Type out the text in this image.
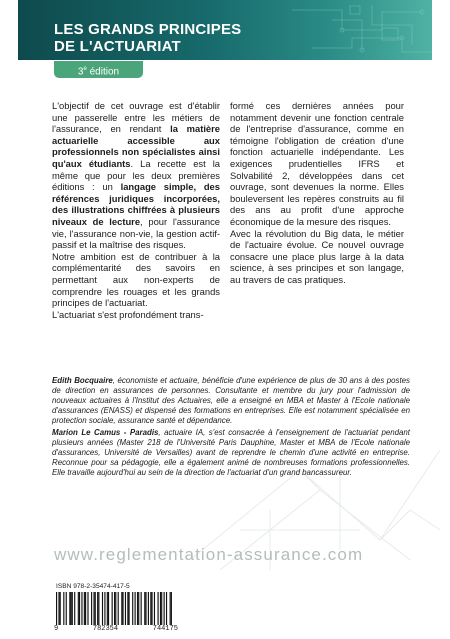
LES GRANDS PRINCIPES
DE L'ACTUARIAT
3e édition

L'objectif de cet ouvrage est d'établir une passerelle entre les métiers de l'assurance, en rendant la matière actuarielle accessible aux professionnels non spécialistes ainsi qu'aux étudiants. La recette est la même que pour les deux premières éditions : un langage simple, des références juridiques incorporées, des illustrations chiffrées à plusieurs niveaux de lecture, pour l'assurance vie, l'assurance non-vie, la gestion actif-passif et la maîtrise des risques.

Notre ambition est de contribuer à la complémentarité des savoirs en permettant aux non-experts de comprendre les rouages et les grands principes de l'actuariat.

L'actuariat s'est profondément trans-

formé ces dernières années pour notamment devenir une fonction centrale de l'entreprise d'assurance, comme en témoigne l'obligation de création d'une fonction actuarielle indépendante. Les exigences prudentielles IFRS et Solvabilité 2, développées dans cet ouvrage, sont devenues la norme. Elles bouleversent les repères construits au fil des ans au profit d'une approche économique de la mesure des risques.

Avec la révolution du Big data, le métier de l'actuaire évolue. Ce nouvel ouvrage consacre une place plus large à la data science, à ses principes et son langage, au travers de cas pratiques.

Edith Bocquaire, économiste et actuaire, bénéficie d'une expérience de plus de 30 ans à des postes de direction en assurances de personnes. Consultante et membre du jury pour l'admission de nouveaux actuaires à l'Institut des Actuaires, elle a enseigné en MBA et Master à l'Ecole nationale d'assurances (ENASS) et dispensé des formations en entreprises. Elle est notamment spécialisée en protection sociale, assurance santé et dépendance.
Marion Le Camus - Paradis, actuaire IA, s'est consacrée à l'enseignement de l'actuariat pendant plusieurs années (Master 218 de l'Université Paris Dauphine, Master et MBA de l'Ecole nationale d'assurances, Université de Versailles) avant de reprendre le chemin d'une activité en entreprise. Reconnue pour sa pédagogie, elle a également animé de nombreuses formations professionnelles. Elle travaille aujourd'hui au sein de la direction de l'actuariat d'un grand bancassureur.
www.reglementation-assurance.com
ISBN 978-2-35474-417-5
9	782354	744175
